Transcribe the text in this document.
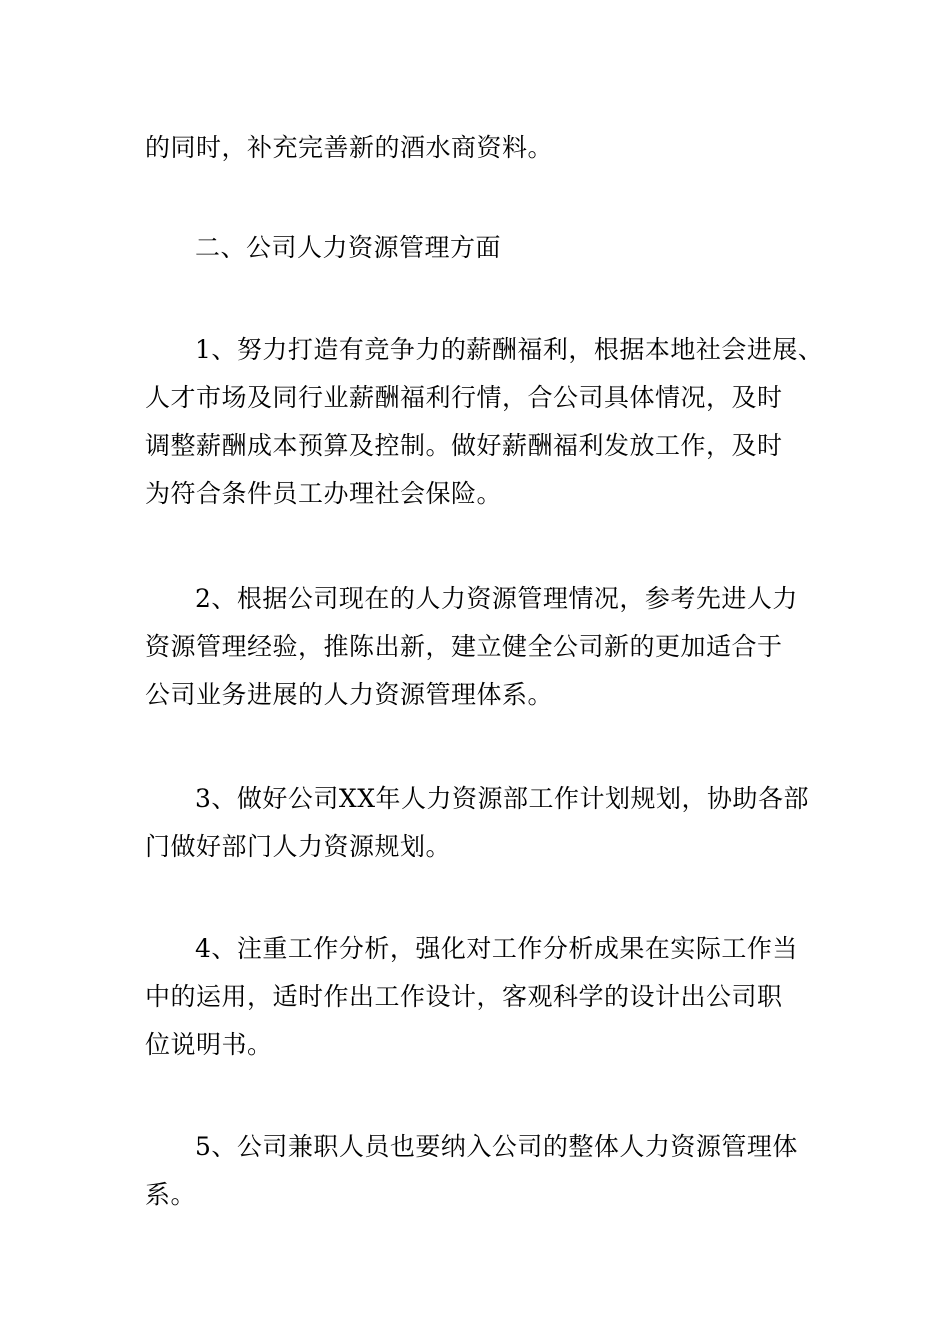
的同时，补充完善新的酒水商资料。
二、公司人力资源管理方面
1、努力打造有竞争力的薪酬福利，根据本地社会进展、
人才市场及同行业薪酬福利行情，合公司具体情况，及时
调整薪酬成本预算及控制。做好薪酬福利发放工作，及时
为符合条件员工办理社会保险。
2、根据公司现在的人力资源管理情况，参考先进人力
资源管理经验，推陈出新，建立健全公司新的更加适合于
公司业务进展的人力资源管理体系。
3、做好公司XX年人力资源部工作计划规划，协助各部
门做好部门人力资源规划。
4、注重工作分析，强化对工作分析成果在实际工作当
中的运用，适时作出工作设计，客观科学的设计出公司职
位说明书。
5、公司兼职人员也要纳入公司的整体人力资源管理体
系。
